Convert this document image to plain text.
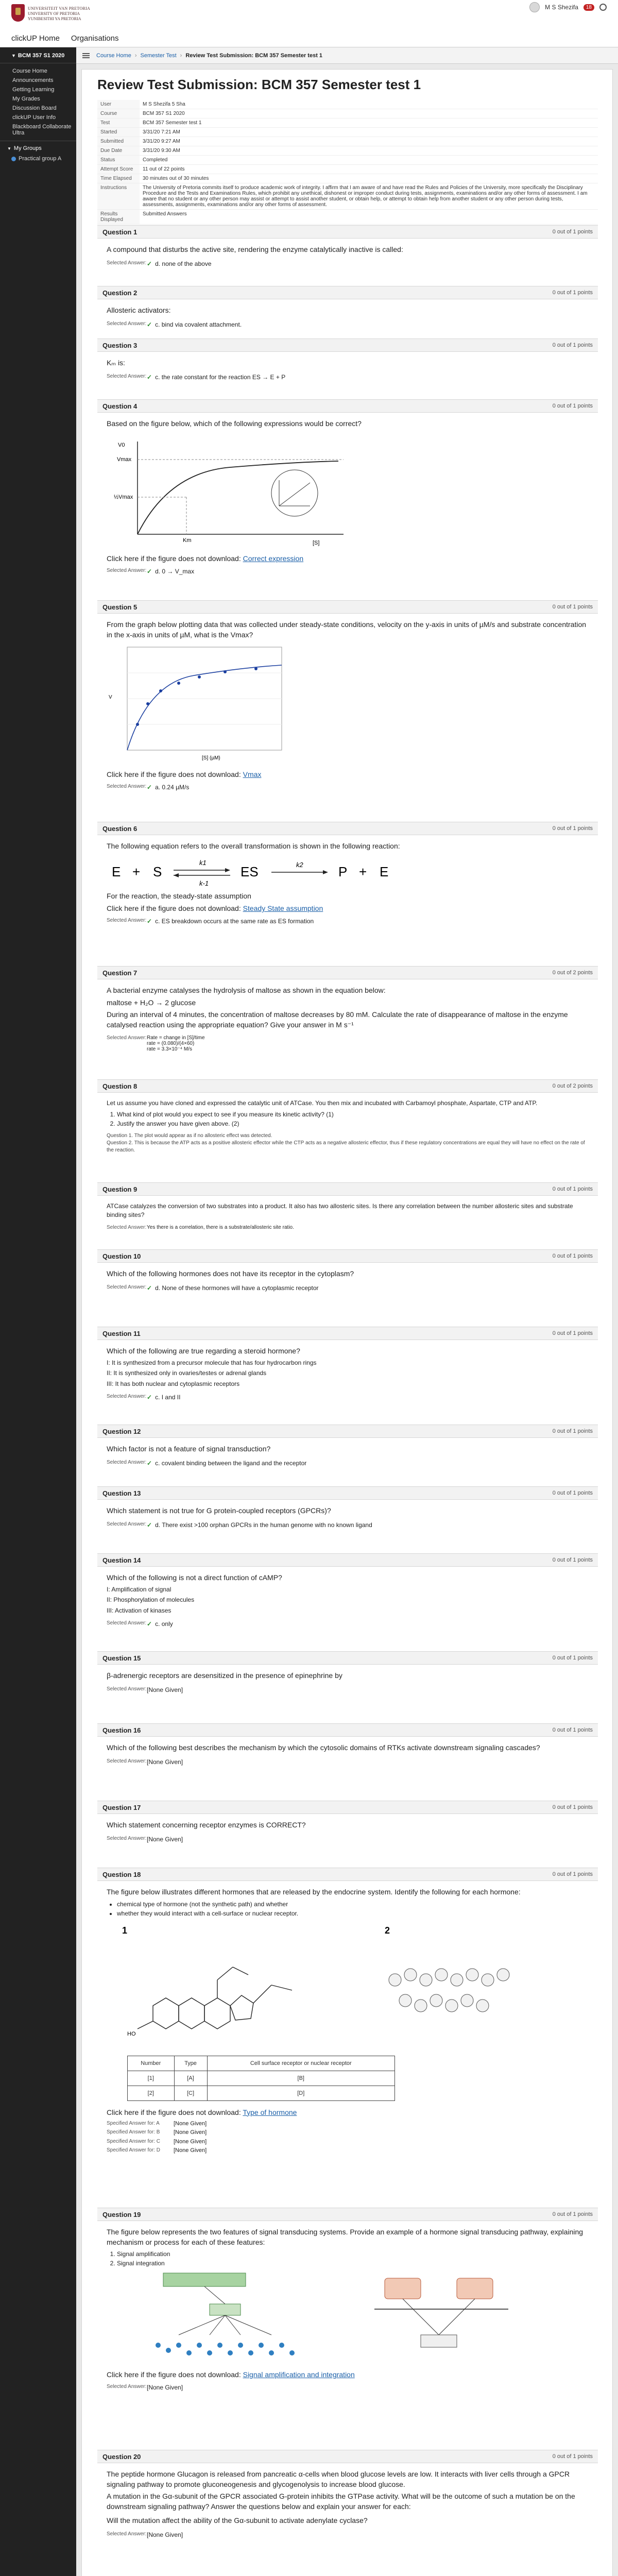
UNIVERSITEIT VAN PRETORIA
UNIVERSITY OF PRETORIA
YUNIBESITHI YA PRETORIA
clickUP Home Organisations
M S Shezifa	18
▼ BCM 357 S1 2020
Course Home
Announcements
Getting Learning
My Grades
Discussion Board
clickUP User Info
Blackboard Collaborate Ultra
▼ My Groups
Practical group A
Course Home › Semester Test › Review Test Submission: BCM 357 Semester test 1
Review Test Submission: BCM 357 Semester test 1
User	M S Shezifa 5 Sha
Course	BCM 357 S1 2020
Test	BCM 357 Semester test 1
Started	3/31/20 7:21 AM
Submitted	3/31/20 9:27 AM
Due Date	3/31/20 9:30 AM
Status	Completed
Attempt Score	11 out of 22 points
Time Elapsed	30 minutes out of 30 minutes
Instructions	The University of Pretoria commits itself to produce academic work of integrity. I affirm that I am aware of and have read the Rules and Policies of the University, more specifically the Disciplinary Procedure and the Tests and Examinations Rules, which prohibit any unethical, dishonest or improper conduct during tests, assignments, examinations and/or any other forms of assessment. I am aware that no student or any other person may assist or attempt to assist another student, or obtain help, or attempt to obtain help from another student or any other person during tests, assessments, assignments, examinations and/or any other forms of assessment.
Results Displayed	Submitted Answers
Question 1	0 out of 1 points
A compound that disturbs the active site, rendering the enzyme catalytically inactive is called:
Selected Answer: ✓ d. none of the above
Question 2	0 out of 1 points
Allosteric activators:
Selected Answer: ✓ c. bind via covalent attachment.
Question 3	0 out of 1 points
Kₘ is:
Selected Answer: ✓ c. the rate constant for the reaction ES → E + P
Question 4	0 out of 1 points
Based on the figure below, which of the following expressions would be correct?
Vmax
½Vmax
Km	[S]
V0
Click here if the figure does not download: Correct expression
Selected Answer: ✓ d. 0 → V_max
Question 5	0 out of 1 points
From the graph below plotting data that was collected under steady-state conditions, velocity on the y-axis in units of µM/s and substrate concentration in the x-axis in units of µM, what is the Vmax?
[S] (µM)
V
Click here if the figure does not download: Vmax
Selected Answer: ✓ a. 0.24 µM/s
Question 6	0 out of 1 points
The following equation refers to the overall transformation is shown in the following reaction:
E + S
k1
k-1
ES	k2	P + E
For the reaction, the steady-state assumption
Click here if the figure does not download: Steady State assumption
Selected Answer: ✓ c. ES breakdown occurs at the same rate as ES formation
Question 7	0 out of 2 points
A bacterial enzyme catalyses the hydrolysis of maltose as shown in the equation below:
maltose + H₂O → 2 glucose
During an interval of 4 minutes, the concentration of maltose decreases by 80 mM. Calculate the rate of disappearance of maltose in the enzyme catalysed reaction using the appropriate equation? Give your answer in M s⁻¹
Selected Answer: Rate = change in [S]/time
rate = (0.080)/(4×60)
rate = 3.3×10⁻⁴ M/s
Question 8	0 out of 2 points
Let us assume you have cloned and expressed the catalytic unit of ATCase. You then mix and incubated with Carbamoyl phosphate, Aspartate, CTP and ATP.
1. What kind of plot would you expect to see if you measure its kinetic activity? (1)
2. Justify the answer you have given above. (2)
Question 1. The plot would appear as if no allosteric effect was detected.
Question 2. This is because the ATP acts as a positive allosteric effector while the CTP acts as a negative allosteric effector, thus if these regulatory concentrations are equal they will have no effect on the rate of the reaction.
Question 9	0 out of 1 points
ATCase catalyzes the conversion of two substrates into a product. It also has two allosteric sites. Is there any correlation between the number allosteric sites and substrate binding sites?
Selected Answer: Yes there is a correlation, there is a substrate/allosteric site ratio.
Question 10	0 out of 1 points
Which of the following hormones does not have its receptor in the cytoplasm?
Selected Answer: ✓ d. None of these hormones will have a cytoplasmic receptor
Question 11	0 out of 1 points
Which of the following are true regarding a steroid hormone?
I: It is synthesized from a precursor molecule that has four hydrocarbon rings
II: It is synthesized only in ovaries/testes or adrenal glands
III: It has both nuclear and cytoplasmic receptors
Selected Answer: ✓ c. I and II
Question 12	0 out of 1 points
Which factor is not a feature of signal transduction?
Selected Answer: ✓ c. covalent binding between the ligand and the receptor
Question 13	0 out of 1 points
Which statement is not true for G protein-coupled receptors (GPCRs)?
Selected Answer: ✓ d. There exist >100 orphan GPCRs in the human genome with no known ligand
Question 14	0 out of 1 points
Which of the following is not a direct function of cAMP?
I: Amplification of signal
II: Phosphorylation of molecules
III: Activation of kinases
Selected Answer: ✓ c. only
Question 15	0 out of 1 points
β-adrenergic receptors are desensitized in the presence of epinephrine by
Selected Answer: [None Given]
Question 16	0 out of 1 points
Which of the following best describes the mechanism by which the cytosolic domains of RTKs activate downstream signaling cascades?
Selected Answer: [None Given]
Question 17	0 out of 1 points
Which statement concerning receptor enzymes is CORRECT?
Selected Answer: [None Given]
Question 18	0 out of 1 points
The figure below illustrates different hormones that are released by the endocrine system. Identify the following for each hormone:
• chemical type of hormone (not the synthetic path) and whether
• whether they would interact with a cell-surface or nuclear receptor.
1
HO
2
Number	Type	Cell surface receptor or nuclear receptor
[1]	[A]	[B]
[2]	[C]	[D]
Click here if the figure does not download: Type of hormone
Specified Answer for: A	[None Given]
Specified Answer for: B	[None Given]
Specified Answer for: C	[None Given]
Specified Answer for: D	[None Given]
Question 19	0 out of 1 points
The figure below represents the two features of signal transducing systems. Provide an example of a hormone signal transducing pathway, explaining mechanism or process for each of these features:
1. Signal amplification
2. Signal integration
Click here if the figure does not download: Signal amplification and integration
Selected Answer: [None Given]
Question 20	0 out of 1 points
The peptide hormone Glucagon is released from pancreatic α-cells when blood glucose levels are low. It interacts with liver cells through a GPCR signaling pathway to promote gluconeogenesis and glycogenolysis to increase blood glucose.
A mutation in the Gα-subunit of the GPCR associated G-protein inhibits the GTPase activity. What will be the outcome of such a mutation be on the downstream signaling pathway? Answer the questions below and explain your answer for each:
Will the mutation affect the ability of the Gα-subunit to activate adenylate cyclase?
Selected Answer: [None Given]
